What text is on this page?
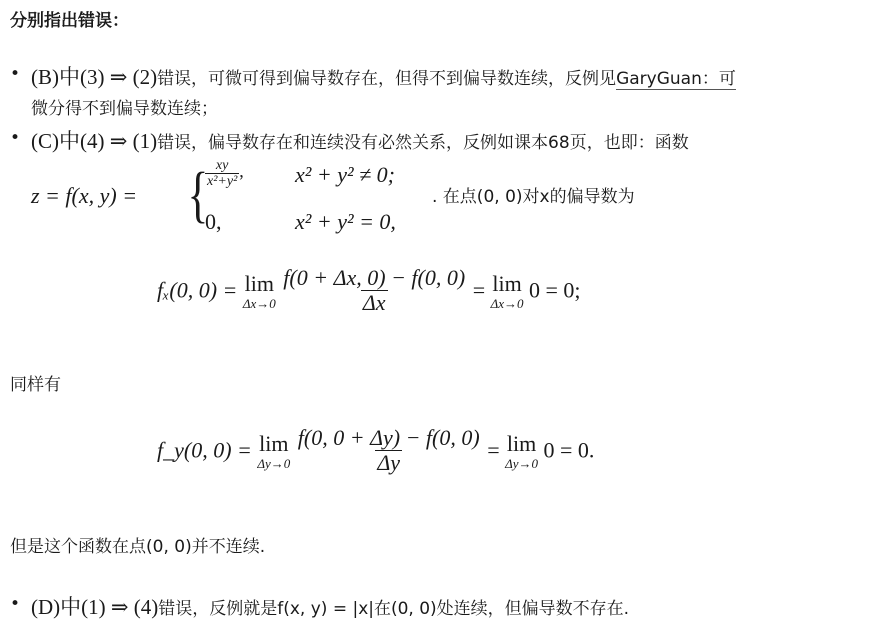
分别指出错误：
• (B)中(3) ⇒ (2)错误，可微可得到偏导数存在，但得不到偏导数连续，反例见GaryGuan：可
微分得不到偏导数连续；
• (C)中(4) ⇒ (1)错误，偏导数存在和连续没有必然关系，反例如课本68页，也即：函数
z = f(x, y) = {
$\frac{xy}{\text{x²+y²}}$ , x² + y² ≠ 0;
0,	x² + y² = 0,
. 在点(0, 0)对x的偏导数为
fₓ(0, 0) = lim
Δx→0
$\frac{f(0 + \Delta x, 0) - f(0, 0)}{\Delta x} = \lim$
Δx→0
0 = 0;
同样有
f_y(0, 0) = lim
Δy→0
$\frac{f(0, 0 + \Delta y) - f(0, 0)}{\Delta y} = \lim$
Δy→0
0 = 0.
但是这个函数在点(0, 0)并不连续.
• (D)中(1) ⇒ (4)错误，反例就是f(x, y) = |x|在(0, 0)处连续，但偏导数不存在.
